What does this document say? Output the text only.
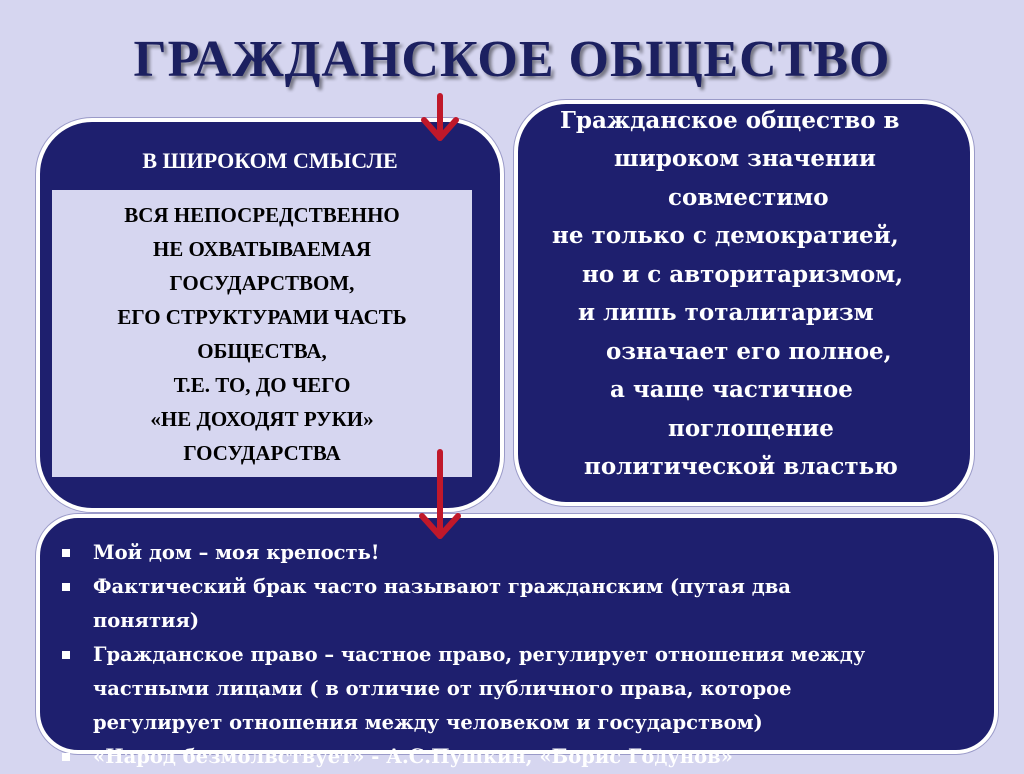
ГРАЖДАНСКОЕ ОБЩЕСТВО
В ШИРОКОМ СМЫСЛЕ
ВСЯ НЕПОСРЕДСТВЕННО
НЕ ОХВАТЫВАЕМАЯ
ГОСУДАРСТВОМ,
ЕГО СТРУКТУРАМИ ЧАСТЬ
ОБЩЕСТВА,
Т.Е. ТО, ДО ЧЕГО
«НЕ ДОХОДЯТ РУКИ»
ГОСУДАРСТВА
Гражданское общество в
широком значении
совместимо
не только с демократией,
но и с авторитаризмом,
и лишь тоталитаризм
означает его полное,
а чаще частичное
поглощение
политической властью
Мой дом – моя крепость!
Фактический брак часто называют гражданским (путая два
понятия)
Гражданское право – частное право, регулирует отношения между
частными лицами ( в отличие от публичного права, которое
регулирует отношения между человеком и государством)
«Народ безмолвствует» - А.С.Пушкин, «Борис Годунов»
